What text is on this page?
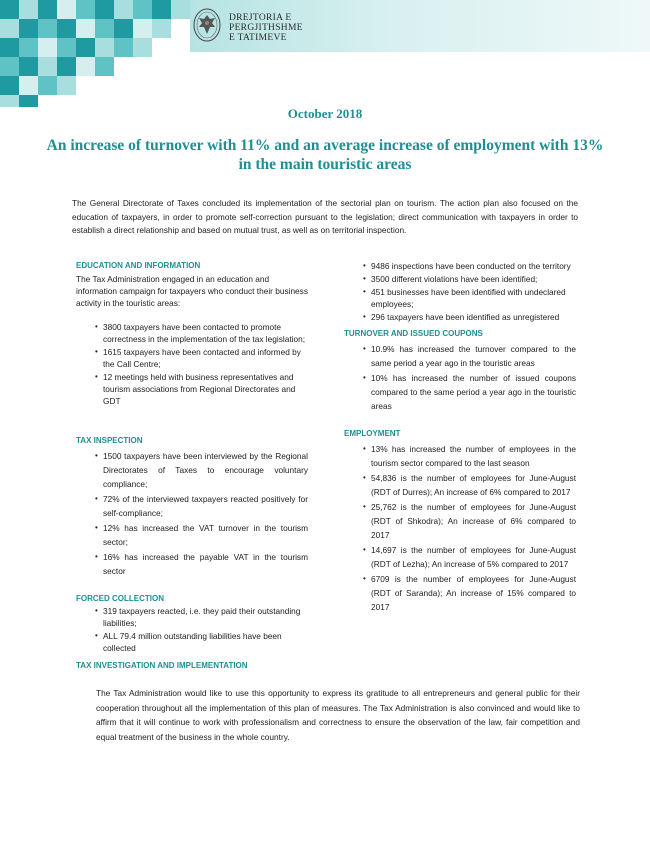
DREJTORIA E
PERGJITHSHME
E TATIMEVE
October 2018
An increase of turnover with 11% and an average increase of employment with 13% in the main touristic areas
The General Directorate of Taxes concluded its implementation of the sectorial plan on tourism. The action plan also focused on the education of taxpayers, in order to promote self-correction pursuant to the legislation; direct communication with taxpayers in order to establish a direct relationship and based on mutual trust, as well as on territorial inspection.
EDUCATION AND INFORMATION
The Tax Administration engaged in an education and information campaign for taxpayers who conduct their business activity in the touristic areas:
• 3800 taxpayers have been contacted to promote correctness in the implementation of the tax legislation;
• 1615 taxpayers have been contacted and informed by the Call Centre;
• 12 meetings held with business representatives and tourism associations from Regional Directorates and GDT
TAX INSPECTION
• 1500 taxpayers have been interviewed by the Regional Directorates of Taxes to encourage voluntary compliance;
• 72% of the interviewed taxpayers reacted positively for self-compliance;
• 12% has increased the VAT turnover in the tourism sector;
• 16% has increased the payable VAT in the tourism sector
FORCED COLLECTION
• 319 taxpayers reacted, i.e. they paid their outstanding liabilities;
• ALL 79.4 million outstanding liabilities have been collected
TAX INVESTIGATION AND IMPLEMENTATION
• 9486 inspections have been conducted on the territory
• 3500 different violations have been identified;
• 451 businesses have been identified with undeclared employees;
• 296 taxpayers have been identified as unregistered
TURNOVER AND ISSUED COUPONS
• 10.9% has increased the turnover compared to the same period a year ago in the touristic areas
• 10% has increased the number of issued coupons compared to the same period a year ago in the touristic areas
EMPLOYMENT
• 13% has increased the number of employees in the tourism sector compared to the last season
• 54,836 is the number of employees for June-August (RDT of Durres); An increase of 6% compared to 2017
• 25,762 is the number of employees for June-August (RDT of Shkodra); An increase of 6% compared to 2017
• 14,697 is the number of employees for June-August (RDT of Lezha); An increase of 5% compared to 2017
• 6709 is the number of employees for June-August (RDT of Saranda); An increase of 15% compared to 2017
The Tax Administration would like to use this opportunity to express its gratitude to all entrepreneurs and general public for their cooperation throughout all the implementation of this plan of measures. The Tax Administration is also convinced and would like to affirm that it will continue to work with professionalism and correctness to ensure the observation of the law, fair competition and equal treatment of the business in the whole country.
